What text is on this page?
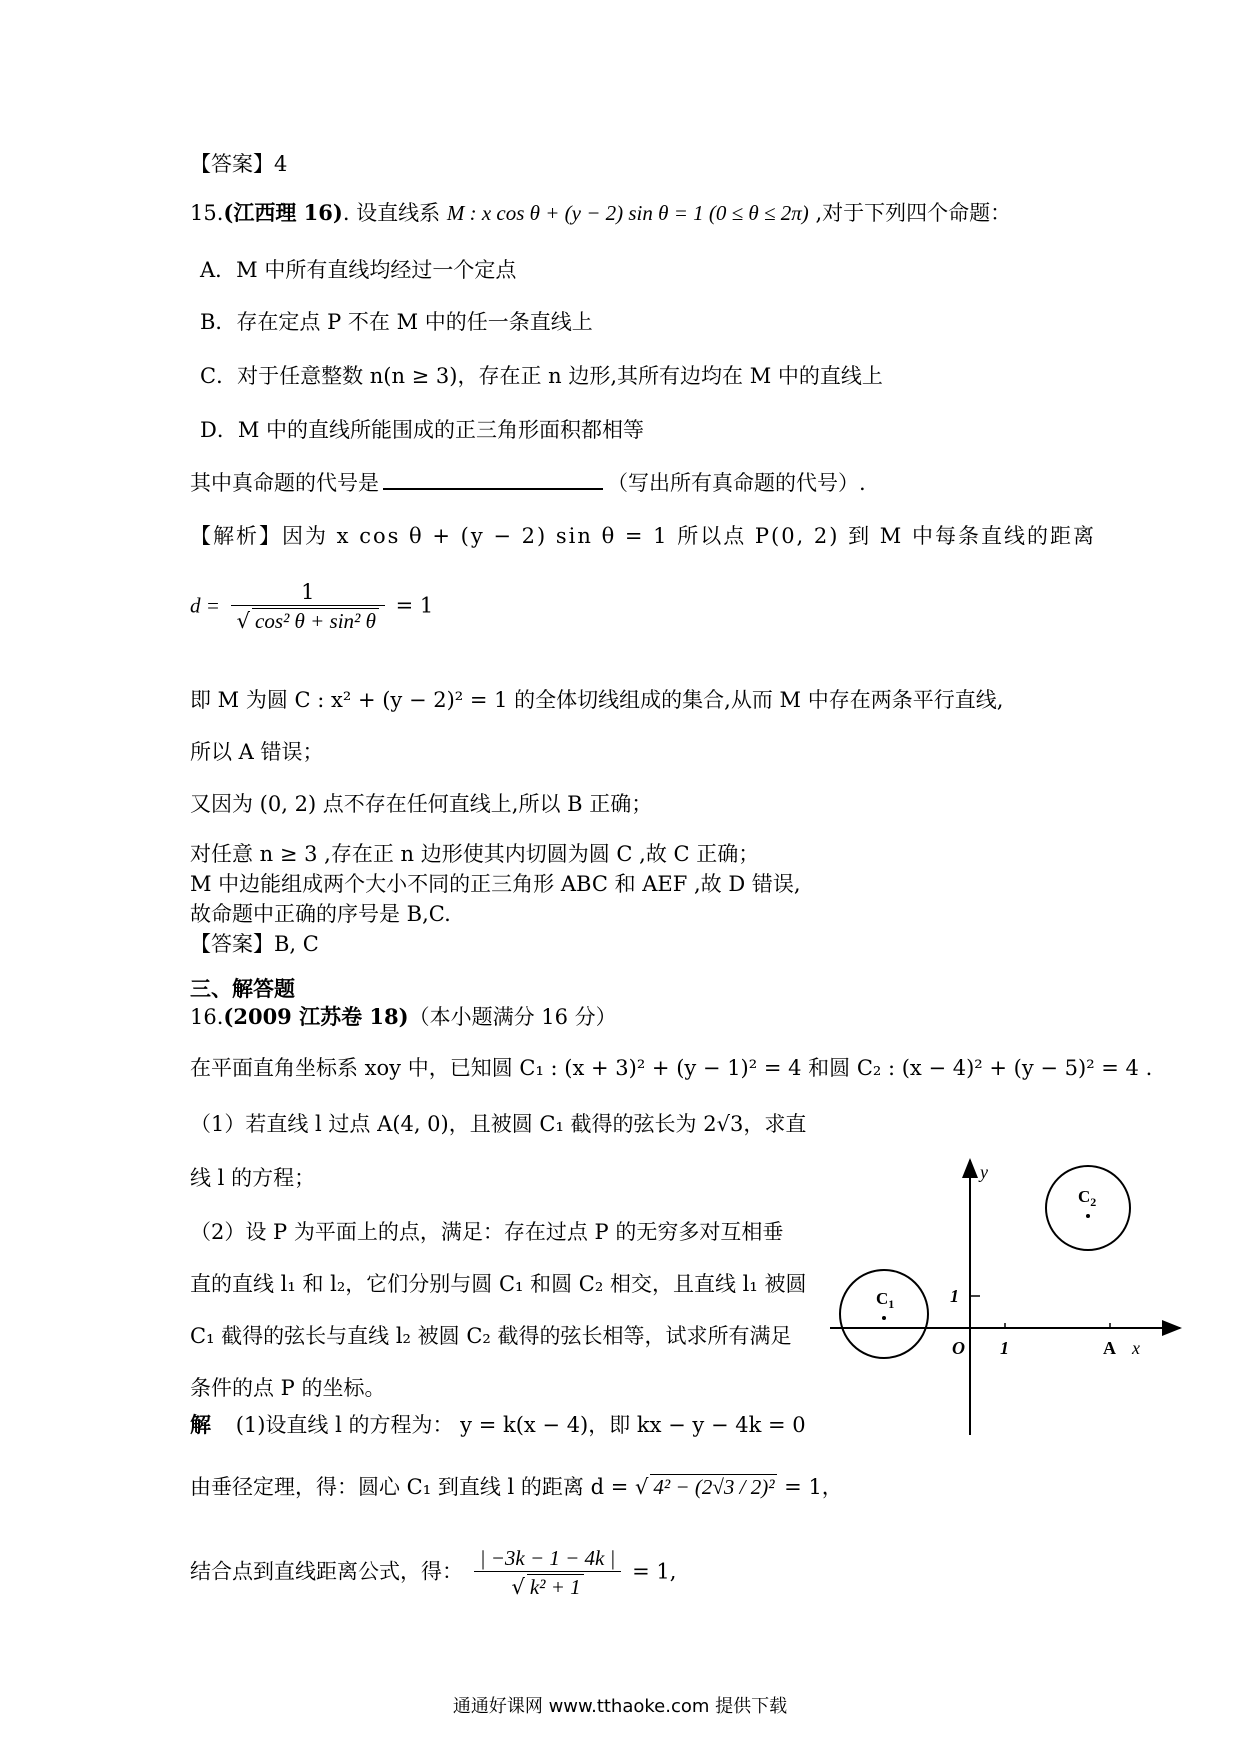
【答案】4
15.(江西理 16). 设直线系 M : x cos θ + (y − 2) sin θ = 1 (0 ≤ θ ≤ 2π) ,对于下列四个命题：
A．M 中所有直线均经过一个定点
B．存在定点 P 不在 M 中的任一条直线上
C．对于任意整数 n(n ≥ 3)，存在正 n 边形,其所有边均在 M 中的直线上
D．M 中的直线所能围成的正三角形面积都相等
其中真命题的代号是	（写出所有真命题的代号）.
【解析】因为 x cos θ + (y − 2) sin θ = 1 所以点 P(0, 2) 到 M 中每条直线的距离
$d = \frac{1}{\text{√ cos² θ + sin² θ}} = 1$
即 M 为圆 C : x² + (y − 2)² = 1 的全体切线组成的集合,从而 M 中存在两条平行直线,
所以 A 错误；
又因为 (0, 2) 点不存在任何直线上,所以 B 正确；
对任意 n ≥ 3 ,存在正 n 边形使其内切圆为圆 C ,故 C 正确；
M 中边能组成两个大小不同的正三角形 ABC 和 AEF ,故 D 错误,
故命题中正确的序号是 B,C.
【答案】B, C
三、解答题
16.(2009 江苏卷 18)（本小题满分 16 分）
在平面直角坐标系 xoy 中，已知圆 C₁ : (x + 3)² + (y − 1)² = 4 和圆 C₂ : (x − 4)² + (y − 5)² = 4 .
（1）若直线 l 过点 A(4, 0)，且被圆 C₁ 截得的弦长为 2√3，求直
线 l 的方程；
（2）设 P 为平面上的点，满足：存在过点 P 的无穷多对互相垂
直的直线 l₁ 和 l₂，它们分别与圆 C₁ 和圆 C₂ 相交，且直线 l₁ 被圆
C₁ 截得的弦长与直线 l₂ 被圆 C₂ 截得的弦长相等，试求所有满足
条件的点 P 的坐标。
解 (1)设直线 l 的方程为： y = k(x − 4)，即 kx − y − 4k = 0
由垂径定理，得：圆心 C₁ 到直线 l 的距离 d = √ 4² − (2√3 / 2)² = 1，
结合点到直线距离公式，得： $\frac{| -3k - 1 - 4k |}{\text{√ k² + 1}} = 1$,
y
x
O 1
1
A
$C_1$
$C_2$
通通好课网 www.tthaoke.com 提供下载
